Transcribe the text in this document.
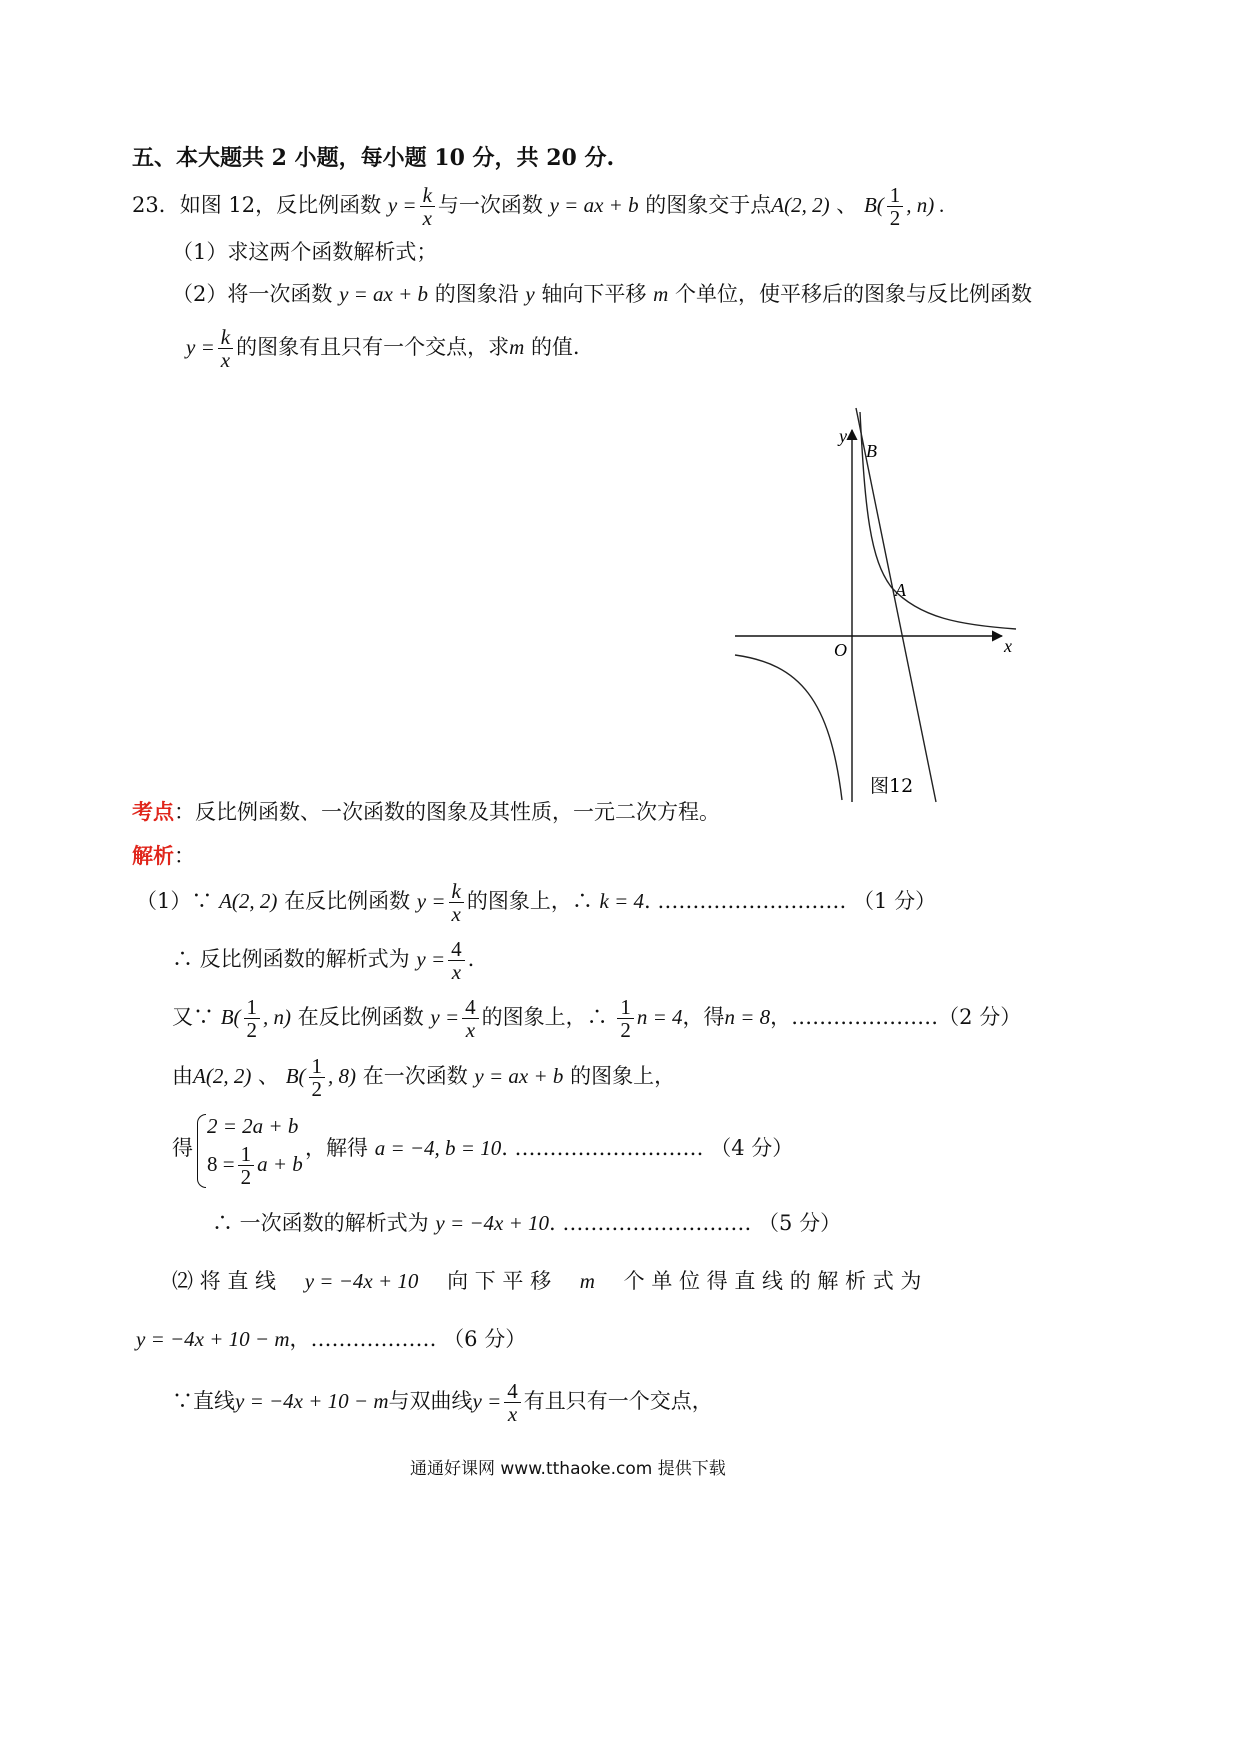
五、本大题共 2 小题，每小题 10 分，共 20 分.
23．如图 12，反比例函数 $y = \frac{k}{x}$ 与一次函数 y = ax + b 的图象交于点A(2, 2) 、 $B( \frac{1}{2}$ , n) .
（1）求这两个函数解析式；
（2）将一次函数 y = ax + b 的图象沿 y 轴向下平移 m 个单位，使平移后的图象与反比例函数
$y = \frac{k}{x}$ 的图象有且只有一个交点，求m 的值.
y
B
A
O	x
图12
考点：反比例函数、一次函数的图象及其性质，一元二次方程。
解析：
（1）∵ A(2, 2) 在反比例函数 $y = \frac{k}{x}$ 的图象上，∴ k = 4. ……………………… （1 分）
∴ 反比例函数的解析式为 $y = \frac{4}{x}$ .
又∵ $B( \frac{1}{2}$ , n) 在反比例函数 $y = \frac{4}{x}$ 的图象上，∴ $\frac{1}{2}$ n = 4，得n = 8，…………………（2 分）
由A(2, 2) 、 $B( \frac{1}{2}$ , 8) 在一次函数 y = ax + b 的图象上，
得
2 = 2a + b
$8 = \frac{1}{2}$ a + b
，解得 a = −4, b = 10. ……………………… （4 分）
∴ 一次函数的解析式为 y = −4x + 10. ……………………… （5 分）
⑵ 将 直 线 y = −4x + 10 向 下 平 移 m 个 单 位 得 直 线 的 解 析 式 为
y = −4x + 10 − m，……………… （6 分）
∵直线y = −4x + 10 − m与双曲线$y = \frac{4}{x}$ 有且只有一个交点，
通通好课网 www.tthaoke.com 提供下载
